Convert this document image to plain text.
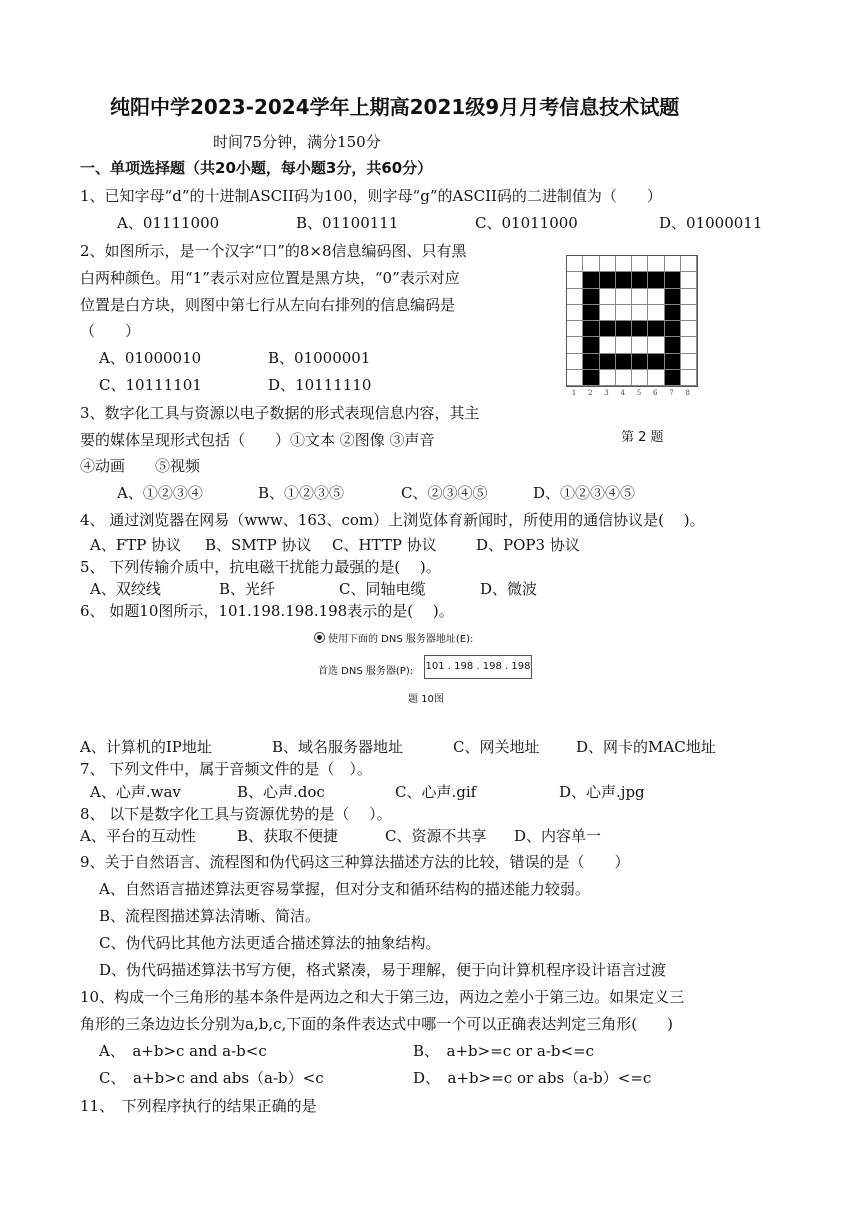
纯阳中学2023-2024学年上期高2021级9月月考信息技术试题
时间75分钟，满分150分
一、单项选择题（共20小题，每小题3分，共60分）
1、已知字母“d”的十进制ASCII码为100，则字母“g”的ASCII码的二进制值为（　　）
A、01111000	B、01100111	C、01011000	D、01000011
2、如图所示，是一个汉字“口”的8×8信息编码图、只有黑
白两种颜色。用“1”表示对应位置是黑方块，“0”表示对应
位置是白方块，则图中第七行从左向右排列的信息编码是
（　　）
A、01000010	B、01000001
C、10111101	D、10111110	1	2	3	4	5	6	7	8
第 2 题
3、数字化工具与资源以电子数据的形式表现信息内容，其主
要的媒体呈现形式包括（　　）①文本 ②图像 ③声音
④动画　　⑤视频
A、①②③④	B、①②③⑤	C、②③④⑤	D、①②③④⑤
4、 通过浏览器在网易（www、163、com）上浏览体育新闻时，所使用的通信协议是(　 )。
A、FTP 协议 B、SMTP 协议 C、HTTP 协议	D、POP3 协议
5、 下列传输介质中，抗电磁干扰能力最强的是(　 )。
A、双绞线	B、光纤	C、同轴电缆	D、微波
6、 如题10图所示，101.198.198.198表示的是(　 )。
使用下面的 DNS 服务器地址(E):
首选 DNS 服务器(P): 101 . 198 . 198 . 198
题 10图
A、计算机的IP地址	B、域名服务器地址	C、网关地址 D、网卡的MAC地址
7、 下列文件中，属于音频文件的是（　）。
A、心声.wav	B、心声.doc	C、心声.gif	D、心声.jpg
8、 以下是数字化工具与资源优势的是（　 ）。
A、平台的互动性	B、获取不便捷	C、资源不共享 D、内容单一
9、关于自然语言、流程图和伪代码这三种算法描述方法的比较，错误的是（　　）
A、自然语言描述算法更容易掌握，但对分支和循环结构的描述能力较弱。
B、流程图描述算法清晰、简洁。
C、伪代码比其他方法更适合描述算法的抽象结构。
D、伪代码描述算法书写方便，格式紧凑，易于理解，便于向计算机程序设计语言过渡
10、构成一个三角形的基本条件是两边之和大于第三边，两边之差小于第三边。如果定义三
角形的三条边边长分别为a,b,c,下面的条件表达式中哪一个可以正确表达判定三角形(　　)
A、　a+b>c and a-b<c	B、　a+b>=c or a-b<=c
C、　a+b>c and abs（a-b）<c	D、　a+b>=c or abs（a-b）<=c
11、　下列程序执行的结果正确的是
